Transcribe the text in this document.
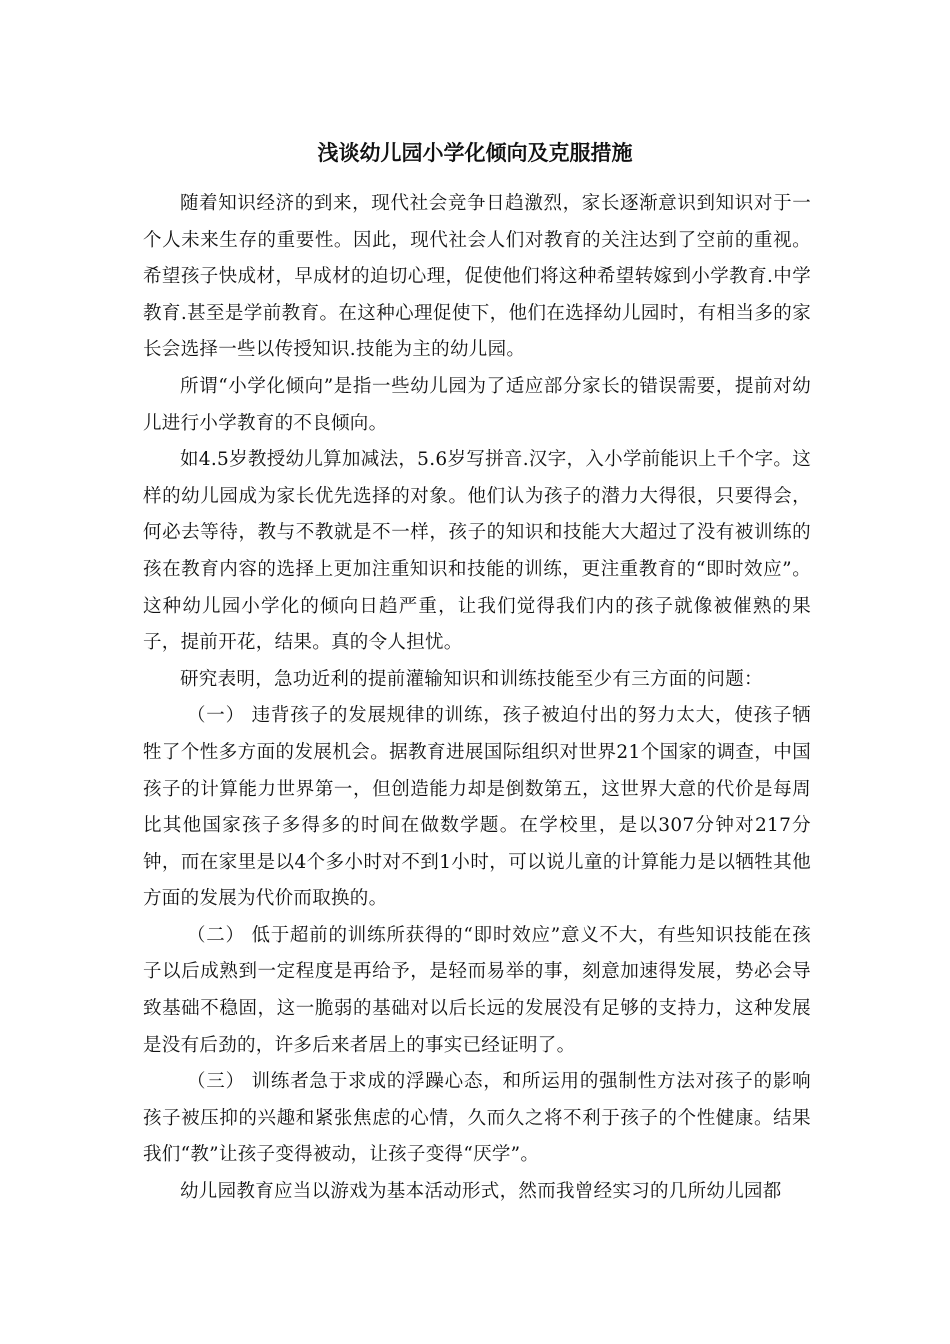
浅谈幼儿园小学化倾向及克服措施

随着知识经济的到来，现代社会竞争日趋激烈，家长逐渐意识到知识对于一个人未来生存的重要性。因此，现代社会人们对教育的关注达到了空前的重视。希望孩子快成材，早成材的迫切心理，促使他们将这种希望转嫁到小学教育.中学教育.甚至是学前教育。在这种心理促使下，他们在选择幼儿园时，有相当多的家长会选择一些以传授知识.技能为主的幼儿园。

所谓“小学化倾向”是指一些幼儿园为了适应部分家长的错误需要，提前对幼儿进行小学教育的不良倾向。

如4.5岁教授幼儿算加减法，5.6岁写拼音.汉字，入小学前能识上千个字。这样的幼儿园成为家长优先选择的对象。他们认为孩子的潜力大得很，只要得会，何必去等待，教与不教就是不一样，孩子的知识和技能大大超过了没有被训练的孩在教育内容的选择上更加注重知识和技能的训练，更注重教育的“即时效应”。这种幼儿园小学化的倾向日趋严重，让我们觉得我们内的孩子就像被催熟的果子，提前开花，结果。真的令人担忧。

研究表明，急功近利的提前灌输知识和训练技能至少有三方面的问题：

（一） 违背孩子的发展规律的训练，孩子被迫付出的努力太大，使孩子牺牲了个性多方面的发展机会。据教育进展国际组织对世界21个国家的调查，中国孩子的计算能力世界第一，但创造能力却是倒数第五，这世界大意的代价是每周比其他国家孩子多得多的时间在做数学题。在学校里，是以307分钟对217分钟，而在家里是以4个多小时对不到1小时，可以说儿童的计算能力是以牺牲其他方面的发展为代价而取换的。

（二） 低于超前的训练所获得的“即时效应”意义不大，有些知识技能在孩子以后成熟到一定程度是再给予，是轻而易举的事，刻意加速得发展，势必会导致基础不稳固，这一脆弱的基础对以后长远的发展没有足够的支持力，这种发展是没有后劲的，许多后来者居上的事实已经证明了。

（三） 训练者急于求成的浮躁心态，和所运用的强制性方法对孩子的影响孩子被压抑的兴趣和紧张焦虑的心情，久而久之将不利于孩子的个性健康。结果我们“教”让孩子变得被动，让孩子变得“厌学”。

幼儿园教育应当以游戏为基本活动形式，然而我曾经实习的几所幼儿园都
